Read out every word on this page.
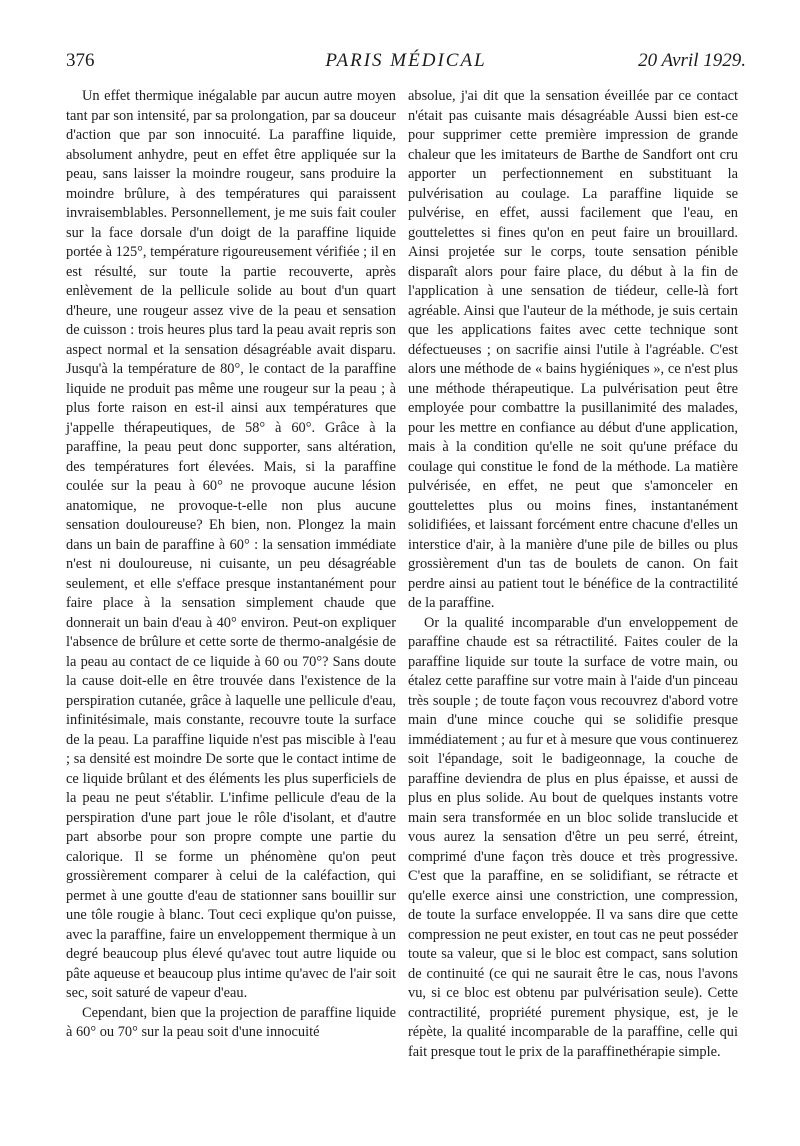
376	PARIS MÉDICAL	20 Avril 1929.

Un effet thermique inégalable par aucun autre moyen tant par son intensité, par sa prolongation, par sa douceur d'action que par son innocuité. La paraffine liquide, absolument anhydre, peut en effet être appliquée sur la peau, sans laisser la moindre rougeur, sans produire la moindre brûlure, à des températures qui paraissent invraisemblables. Personnellement, je me suis fait couler sur la face dorsale d'un doigt de la paraffine liquide portée à 125°, température rigoureusement vérifiée ; il en est résulté, sur toute la partie recouverte, après enlèvement de la pellicule solide au bout d'un quart d'heure, une rougeur assez vive de la peau et sensation de cuisson : trois heures plus tard la peau avait repris son aspect normal et la sensation désagréable avait disparu. Jusqu'à la température de 80°, le contact de la paraffine liquide ne produit pas même une rougeur sur la peau ; à plus forte raison en est-il ainsi aux températures que j'appelle thérapeutiques, de 58° à 60°. Grâce à la paraffine, la peau peut donc supporter, sans altération, des températures fort élevées. Mais, si la paraffine coulée sur la peau à 60° ne provoque aucune lésion anatomique, ne provoque-t-elle non plus aucune sensation douloureuse? Eh bien, non. Plongez la main dans un bain de paraffine à 60° : la sensation immédiate n'est ni douloureuse, ni cuisante, un peu désagréable seulement, et elle s'efface presque instantanément pour faire place à la sensation simplement chaude que donnerait un bain d'eau à 40° environ. Peut-on expliquer l'absence de brûlure et cette sorte de thermo-analgésie de la peau au contact de ce liquide à 60 ou 70°? Sans doute la cause doit-elle en être trouvée dans l'existence de la perspiration cutanée, grâce à laquelle une pellicule d'eau, infinitésimale, mais constante, recouvre toute la surface de la peau. La paraffine liquide n'est pas miscible à l'eau ; sa densité est moindre De sorte que le contact intime de ce liquide brûlant et des éléments les plus superficiels de la peau ne peut s'établir. L'infime pellicule d'eau de la perspiration d'une part joue le rôle d'isolant, et d'autre part absorbe pour son propre compte une partie du calorique. Il se forme un phénomène qu'on peut grossièrement comparer à celui de la caléfaction, qui permet à une goutte d'eau de stationner sans bouillir sur une tôle rougie à blanc. Tout ceci explique qu'on puisse, avec la paraffine, faire un enveloppement thermique à un degré beaucoup plus élevé qu'avec tout autre liquide ou pâte aqueuse et beaucoup plus intime qu'avec de l'air soit sec, soit saturé de vapeur d'eau.

Cependant, bien que la projection de paraffine liquide à 60° ou 70° sur la peau soit d'une innocuité

absolue, j'ai dit que la sensation éveillée par ce contact n'était pas cuisante mais désagréable Aussi bien est-ce pour supprimer cette première impression de grande chaleur que les imitateurs de Barthe de Sandfort ont cru apporter un perfectionnement en substituant la pulvérisation au coulage. La paraffine liquide se pulvérise, en effet, aussi facilement que l'eau, en gouttelettes si fines qu'on en peut faire un brouillard. Ainsi projetée sur le corps, toute sensation pénible disparaît alors pour faire place, du début à la fin de l'application à une sensation de tiédeur, celle-là fort agréable. Ainsi que l'auteur de la méthode, je suis certain que les applications faites avec cette technique sont défectueuses ; on sacrifie ainsi l'utile à l'agréable. C'est alors une méthode de « bains hygiéniques », ce n'est plus une méthode thérapeutique. La pulvérisation peut être employée pour combattre la pusillanimité des malades, pour les mettre en confiance au début d'une application, mais à la condition qu'elle ne soit qu'une préface du coulage qui constitue le fond de la méthode. La matière pulvérisée, en effet, ne peut que s'amonceler en gouttelettes plus ou moins fines, instantanément solidifiées, et laissant forcément entre chacune d'elles un interstice d'air, à la manière d'une pile de billes ou plus grossièrement d'un tas de boulets de canon. On fait perdre ainsi au patient tout le bénéfice de la contractilité de la paraffine.

Or la qualité incomparable d'un enveloppement de paraffine chaude est sa rétractilité. Faites couler de la paraffine liquide sur toute la surface de votre main, ou étalez cette paraffine sur votre main à l'aide d'un pinceau très souple ; de toute façon vous recouvrez d'abord votre main d'une mince couche qui se solidifie presque immédiatement ; au fur et à mesure que vous continuerez soit l'épandage, soit le badigeonnage, la couche de paraffine deviendra de plus en plus épaisse, et aussi de plus en plus solide. Au bout de quelques instants votre main sera transformée en un bloc solide translucide et vous aurez la sensation d'être un peu serré, étreint, comprimé d'une façon très douce et très progressive. C'est que la paraffine, en se solidifiant, se rétracte et qu'elle exerce ainsi une constriction, une compression, de toute la surface enveloppée. Il va sans dire que cette compression ne peut exister, en tout cas ne peut posséder toute sa valeur, que si le bloc est compact, sans solution de continuité (ce qui ne saurait être le cas, nous l'avons vu, si ce bloc est obtenu par pulvérisation seule). Cette contractilité, propriété purement physique, est, je le répète, la qualité incomparable de la paraffine, celle qui fait presque tout le prix de la paraffinethérapie simple.
